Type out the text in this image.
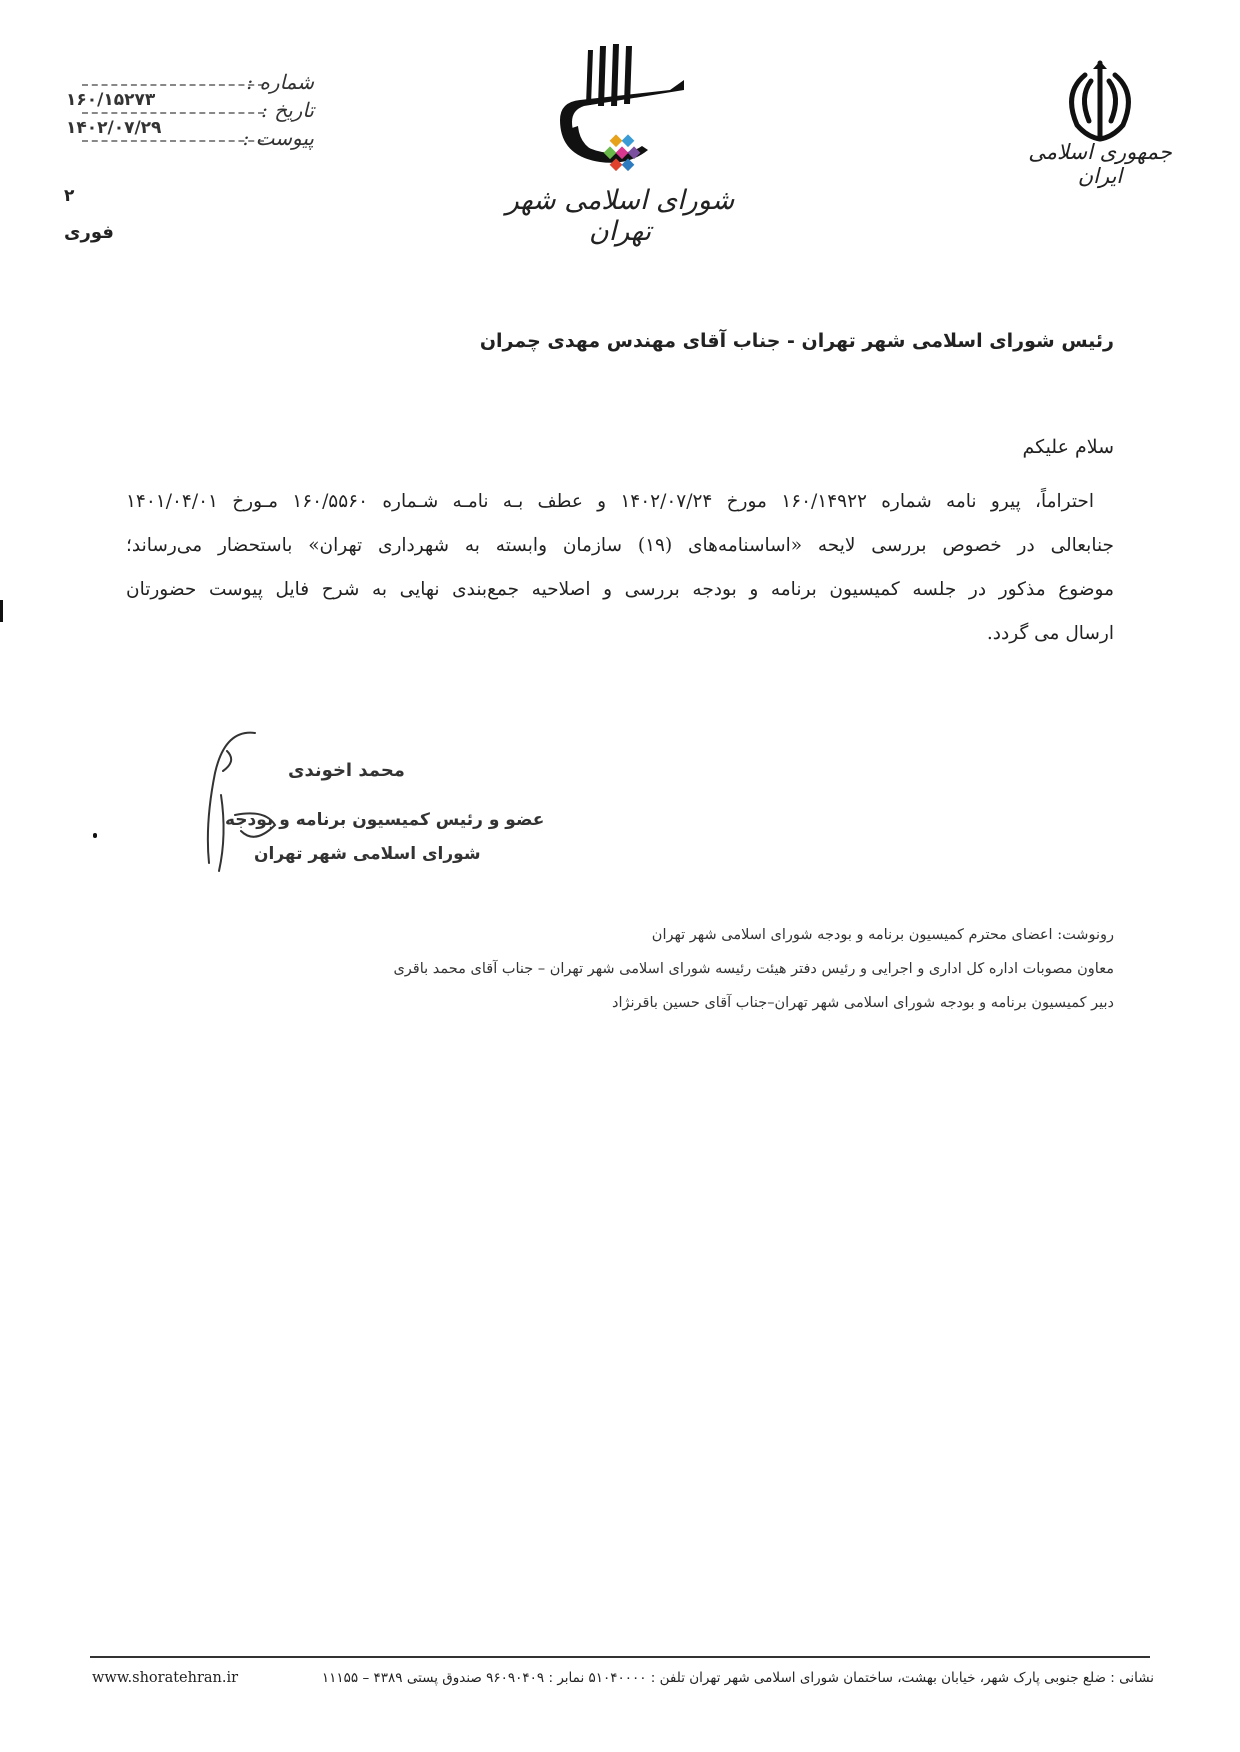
شماره :
۱۶۰/۱۵۲۷۳	تاریخ :
۱۴۰۲/۰۷/۲۹	پیوست :
۲
فوری
شورای اسلامی شهر تهران
جمهوری اسلامی ایران
رئیس شورای اسلامی شهر تهران - جناب آقای مهندس مهدی چمران
سلام علیکم
احتراماً، پیرو نامه شماره ۱۶۰/۱۴۹۲۲ مورخ ۱۴۰۲/۰۷/۲۴ و عطف بـه نامـه شـماره ۱۶۰/۵۵۶۰ مـورخ ۱۴۰۱/۰۴/۰۱
جنابعالی در خصوص بررسی لایحه «اساسنامه‌های (۱۹) سازمان وابسته به شهرداری تهران» باستحضار می‌رساند؛
موضوع مذکور در جلسه کمیسیون برنامه و بودجه بررسی و اصلاحیه جمع‌بندی نهایی به شرح فایل پیوست حضورتان
ارسال می گردد.
محمد اخوندی
عضو و رئیس کمیسیون برنامه و بودجه
شورای اسلامی شهر تهران
رونوشت: اعضای محترم کمیسیون برنامه و بودجه شورای اسلامی شهر تهران
معاون مصوبات اداره کل اداری و اجرایی و رئیس دفتر هیئت رئیسه شورای اسلامی شهر تهران – جناب آقای محمد باقری
دبیر کمیسیون برنامه و بودجه شورای اسلامی شهر تهران–جناب آقای حسین باقرنژاد
نشانی : ضلع جنوبی پارک شهر، خیابان بهشت، ساختمان شورای اسلامی شهر تهران تلفن : ۵۱۰۴۰۰۰۰ نمابر : ۹۶۰۹۰۴۰۹ صندوق پستی ۴۳۸۹ – ۱۱۱۵۵
www.shoratehran.ir
